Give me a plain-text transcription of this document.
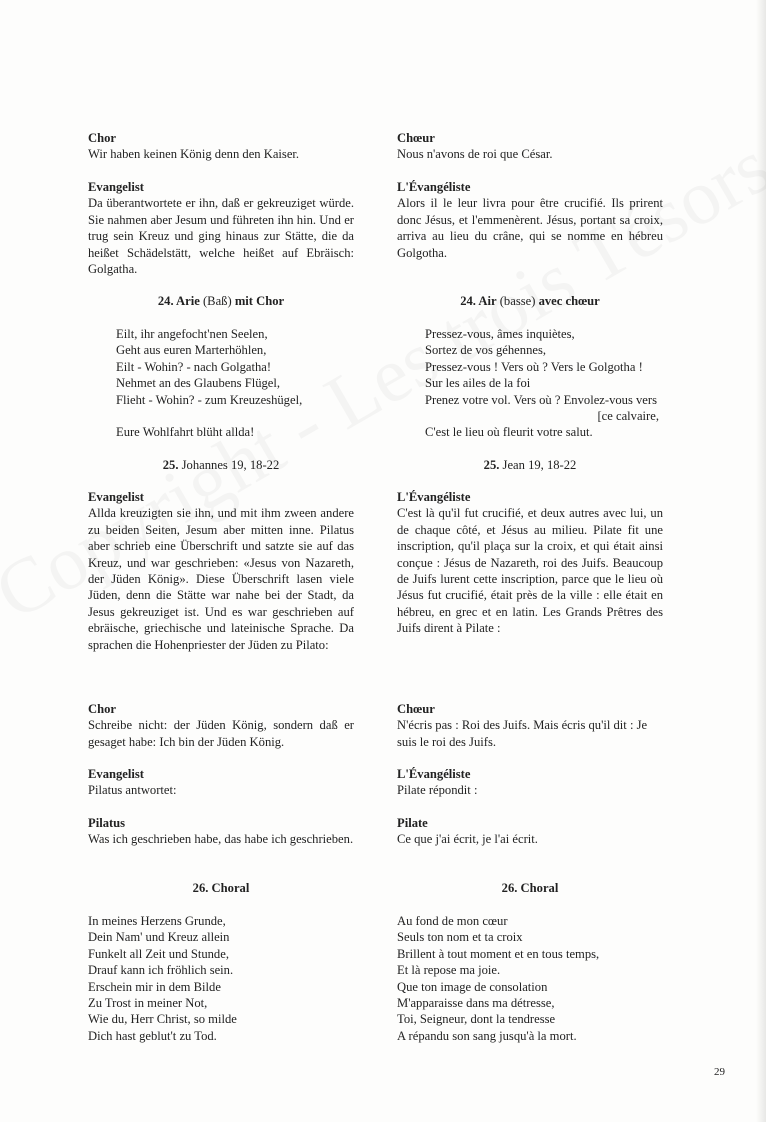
Chor
Wir haben keinen König denn den Kaiser.
Evangelist
Da überantwortete er ihn, daß er gekreuziget würde. Sie nahmen aber Jesum und führeten ihn hin. Und er trug sein Kreuz und ging hinaus zur Stätte, die da heißet Schädelstätt, welche heißet auf Ebräisch: Golgatha.
24. Arie (Baß) mit Chor
Eilt, ihr angefocht'nen Seelen,
Geht aus euren Marterhöhlen,
Eilt - Wohin? - nach Golgatha!
Nehmet an des Glaubens Flügel,
Flieht - Wohin? - zum Kreuzeshügel,

Eure Wohlfahrt blüht allda!
25. Johannes 19, 18-22
Evangelist
Allda kreuzigten sie ihn, und mit ihm zween andere zu beiden Seiten, Jesum aber mitten inne. Pilatus aber schrieb eine Überschrift und satzte sie auf das Kreuz, und war geschrieben: «Jesus von Nazareth, der Jüden König». Diese Überschrift lasen viele Jüden, denn die Stätte war nahe bei der Stadt, da Jesus gekreuziget ist. Und es war geschrieben auf ebräische, griechische und lateinische Sprache. Da sprachen die Hohenpriester der Jüden zu Pilato:
Chor
Schreibe nicht: der Jüden König, sondern daß er gesaget habe: Ich bin der Jüden König.
Evangelist
Pilatus antwortet:
Pilatus
Was ich geschrieben habe, das habe ich geschrieben.
26. Choral
In meines Herzens Grunde,
Dein Nam' und Kreuz allein
Funkelt all Zeit und Stunde,
Drauf kann ich fröhlich sein.
Erschein mir in dem Bilde
Zu Trost in meiner Not,
Wie du, Herr Christ, so milde
Dich hast geblut't zu Tod.
Chœur
Nous n'avons de roi que César.
L'Évangéliste
Alors il le leur livra pour être crucifié. Ils prirent donc Jésus, et l'emmenèrent. Jésus, portant sa croix, arriva au lieu du crâne, qui se nomme en hébreu Golgotha.
24. Air (basse) avec chœur
Pressez-vous, âmes inquiètes,
Sortez de vos géhennes,
Pressez-vous ! Vers où ? Vers le Golgotha !
Sur les ailes de la foi
Prenez votre vol. Vers où ? Envolez-vous vers
[ce calvaire,
C'est le lieu où fleurit votre salut.
25. Jean 19, 18-22
L'Évangéliste
C'est là qu'il fut crucifié, et deux autres avec lui, un de chaque côté, et Jésus au milieu. Pilate fit une inscription, qu'il plaça sur la croix, et qui était ainsi conçue : Jésus de Nazareth, roi des Juifs. Beaucoup de Juifs lurent cette inscription, parce que le lieu où Jésus fut crucifié, était près de la ville : elle était en hébreu, en grec et en latin. Les Grands Prêtres des Juifs dirent à Pilate :
Chœur
N'écris pas : Roi des Juifs. Mais écris qu'il dit : Je suis le roi des Juifs.
L'Évangéliste
Pilate répondit :
Pilate
Ce que j'ai écrit, je l'ai écrit.
26. Choral
Au fond de mon cœur
Seuls ton nom et ta croix
Brillent à tout moment et en tous temps,
Et là repose ma joie.
Que ton image de consolation
M'apparaisse dans ma détresse,
Toi, Seigneur, dont la tendresse
A répandu son sang jusqu'à la mort.
29
